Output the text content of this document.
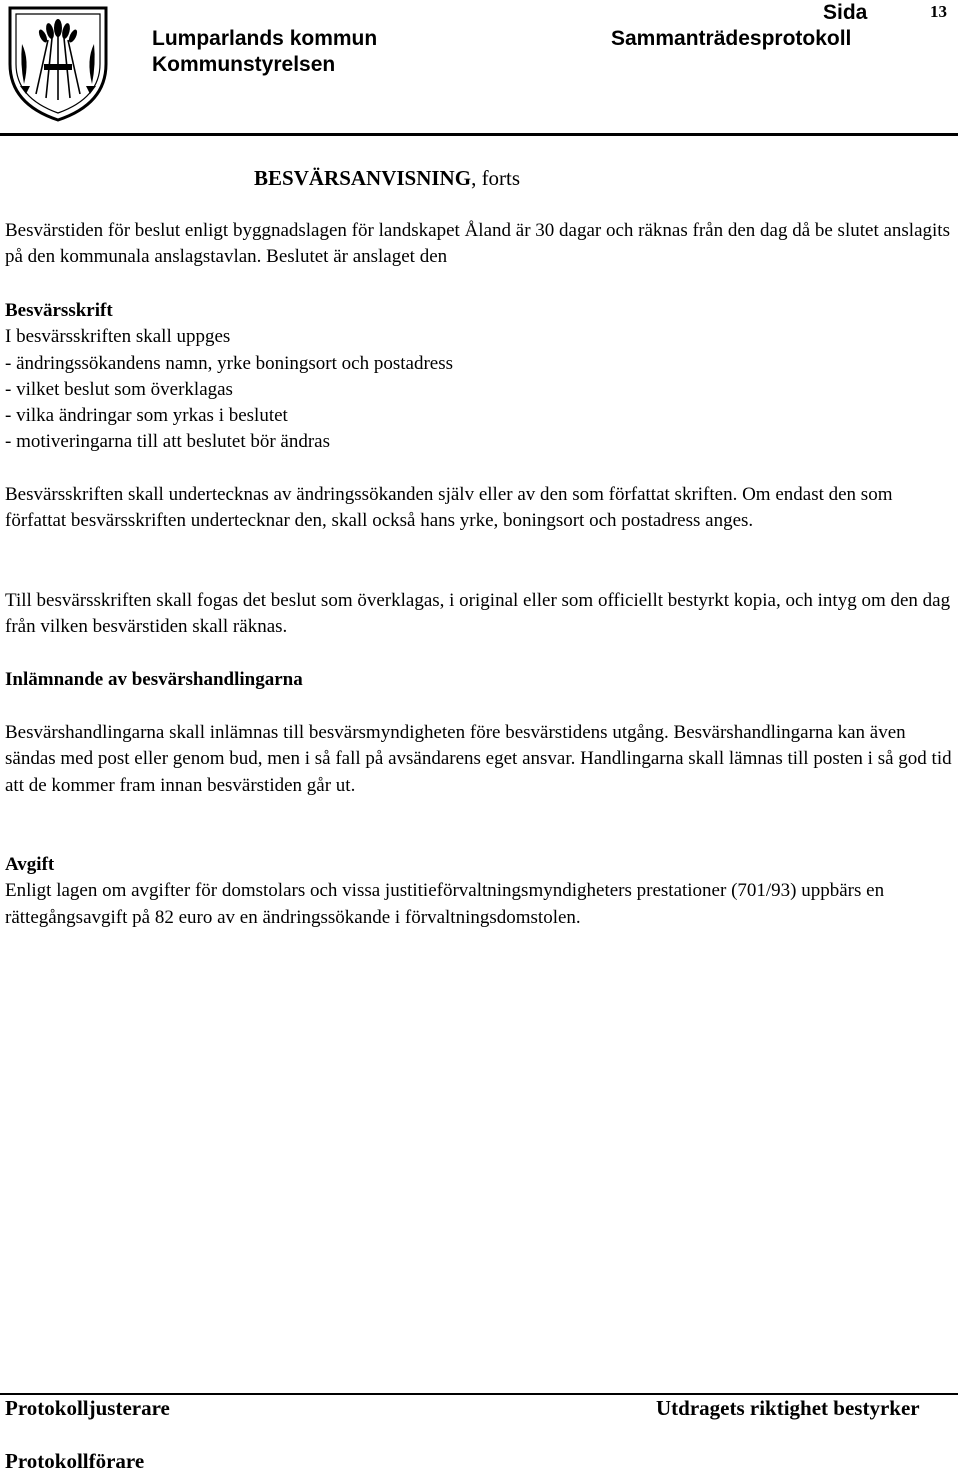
Lumparlands kommun
Kommunstyrelsen
Sammanträdesprotokoll
Sida	13
BESVÄRSANVISNING, forts

Besvärstiden för beslut enligt byggnadslagen för landskapet Åland är 30 dagar och räknas från den dag då be slutet anslagits på den kommunala anslagstavlan. Beslutet är anslaget den

Besvärsskrift
I besvärsskriften skall uppges
- ändringssökandens namn, yrke boningsort och postadress
- vilket beslut som överklagas
- vilka ändringar som yrkas i beslutet
- motiveringarna till att beslutet bör ändras

Besvärsskriften skall undertecknas av ändringssökanden själv eller av den som författat skriften. Om endast den som författat besvärsskriften undertecknar den, skall också hans yrke, boningsort och postadress anges.

Till besvärsskriften skall fogas det beslut som överklagas, i original eller som officiellt bestyrkt kopia, och intyg om den dag från vilken besvärstiden skall räknas.

Inlämnande av besvärshandlingarna

Besvärshandlingarna skall inlämnas till besvärsmyndigheten före besvärstidens utgång. Besvärshandlingarna kan även sändas med post eller genom bud, men i så fall på avsändarens eget ansvar. Handlingarna skall lämnas till posten i så god tid att de kommer fram innan besvärstiden går ut.

Avgift
Enligt lagen om avgifter för domstolars och vissa justitieförvaltningsmyndigheters prestationer (701/93) uppbärs en rättegångsavgift på 82 euro av en ändringssökande i förvaltningsdomstolen.
Protokolljusterare	Utdragets riktighet bestyrker
Protokollförare
